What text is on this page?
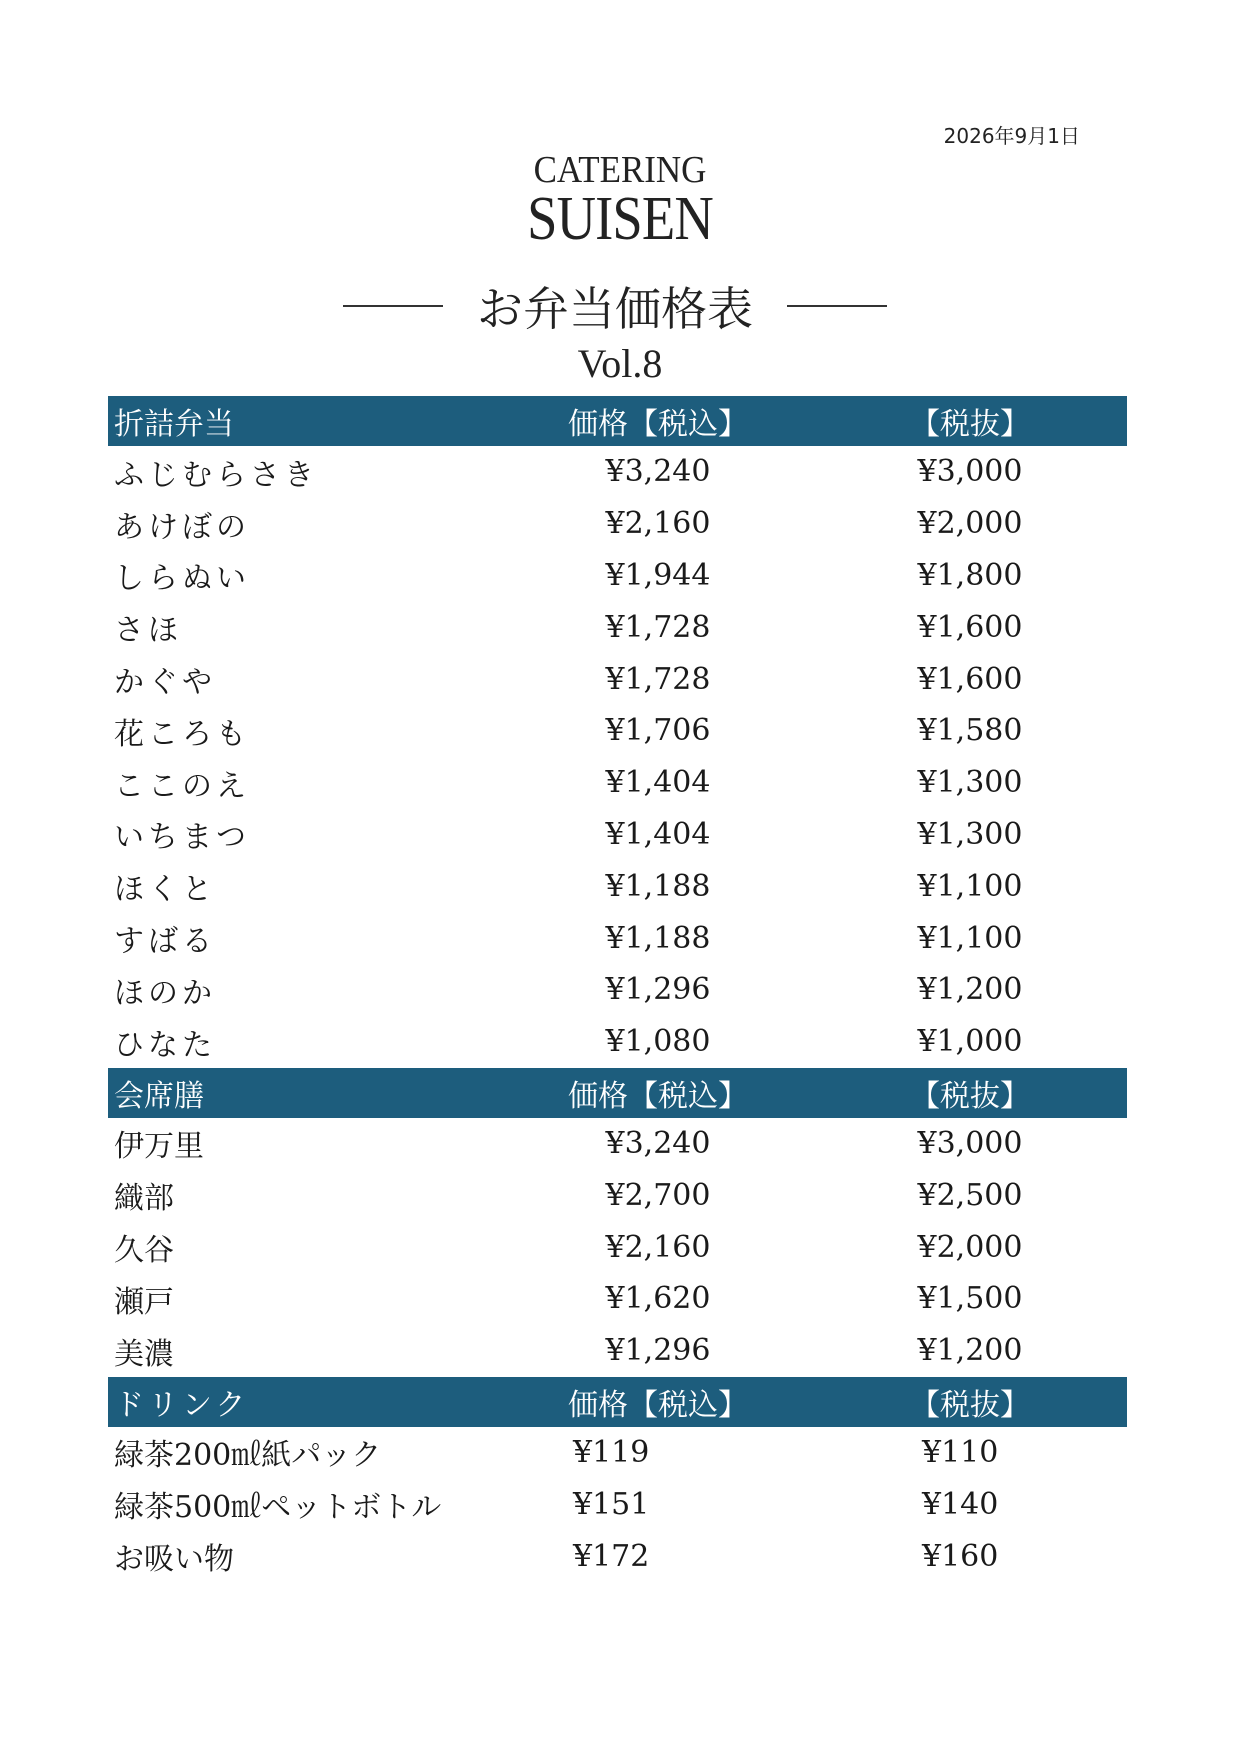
2026年9月1日
CATERING
SUISEN
お弁当価格表
Vol.8
折詰弁当	価格【税込】	【税抜】
ふじむらさき	¥3,240	¥3,000
あけぼの	¥2,160	¥2,000
しらぬい	¥1,944	¥1,800
さほ	¥1,728	¥1,600
かぐや	¥1,728	¥1,600
花ころも	¥1,706	¥1,580
ここのえ	¥1,404	¥1,300
いちまつ	¥1,404	¥1,300
ほくと	¥1,188	¥1,100
すばる	¥1,188	¥1,100
ほのか	¥1,296	¥1,200
ひなた	¥1,080	¥1,000
会席膳	価格【税込】	【税抜】
伊万里	¥3,240	¥3,000
織部	¥2,700	¥2,500
久谷	¥2,160	¥2,000
瀬戸	¥1,620	¥1,500
美濃	¥1,296	¥1,200
ドリンク	価格【税込】	【税抜】
緑茶200㎖紙パック	¥119	¥110
緑茶500㎖ペットボトル	¥151	¥140
お吸い物	¥172	¥160
